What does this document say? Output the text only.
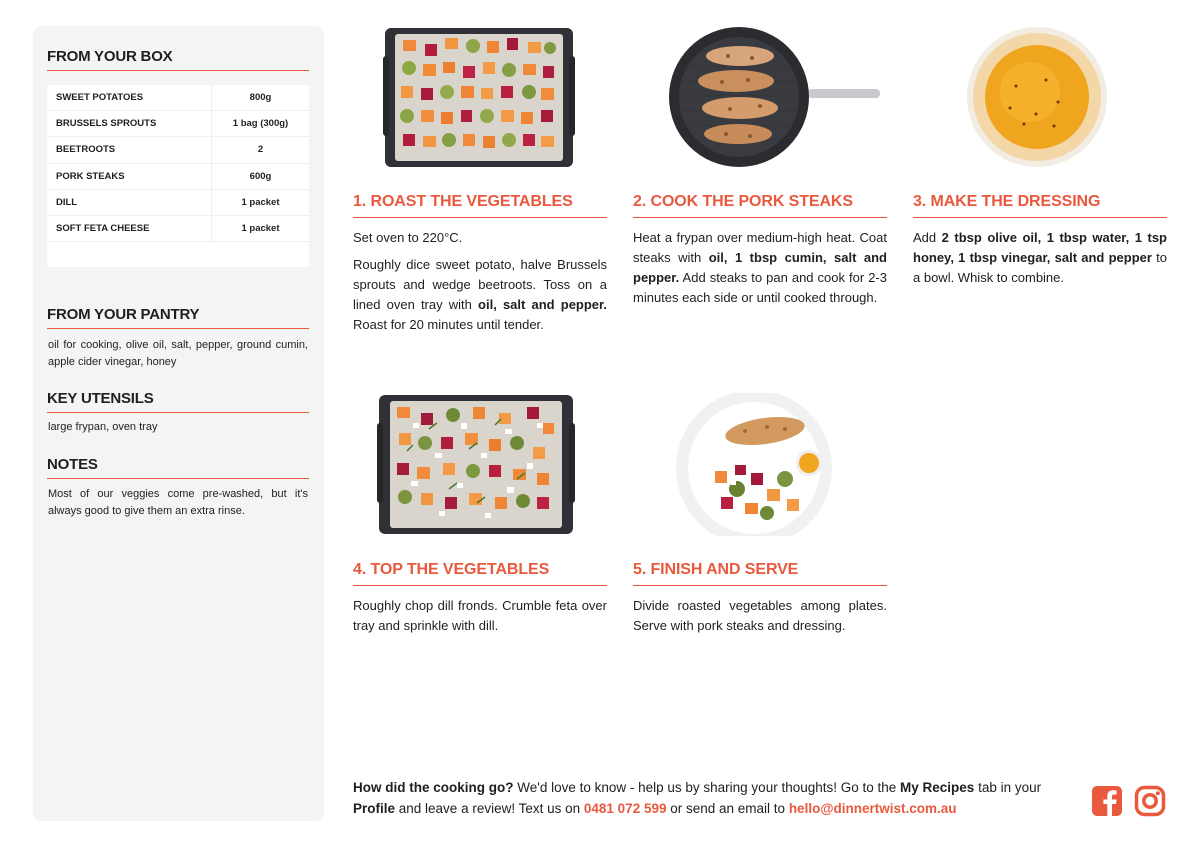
FROM YOUR BOX
SWEET POTATOES	800g
BRUSSELS SPROUTS	1 bag (300g)
BEETROOTS	2
PORK STEAKS	600g
DILL	1 packet
SOFT FETA CHEESE	1 packet
FROM YOUR PANTRY
oil for cooking, olive oil, salt, pepper, ground cumin, apple cider vinegar, honey
KEY UTENSILS
large frypan, oven tray
NOTES
Most of our veggies come pre-washed, but it's always good to give them an extra rinse.
1. ROAST THE VEGETABLES

Set oven to 220°C.

Roughly dice sweet potato, halve Brussels sprouts and wedge beetroots. Toss on a lined oven tray with oil, salt and pepper. Roast for 20 minutes until tender.

2. COOK THE PORK STEAKS

Heat a frypan over medium-high heat. Coat steaks with oil, 1 tbsp cumin, salt and pepper. Add steaks to pan and cook for 2-3 minutes each side or until cooked through.

3. MAKE THE DRESSING

Add 2 tbsp olive oil, 1 tbsp water, 1 tsp honey, 1 tbsp vinegar, salt and pepper to a bowl. Whisk to combine.

4. TOP THE VEGETABLES
Roughly chop dill fronds. Crumble feta over tray and sprinkle with dill.
5. FINISH AND SERVE
Divide roasted vegetables among plates. Serve with pork steaks and dressing.
How did the cooking go? We'd love to know - help us by sharing your thoughts! Go to the My Recipes tab in your Profile and leave a review! Text us on 0481 072 599 or send an email to hello@dinnertwist.com.au
